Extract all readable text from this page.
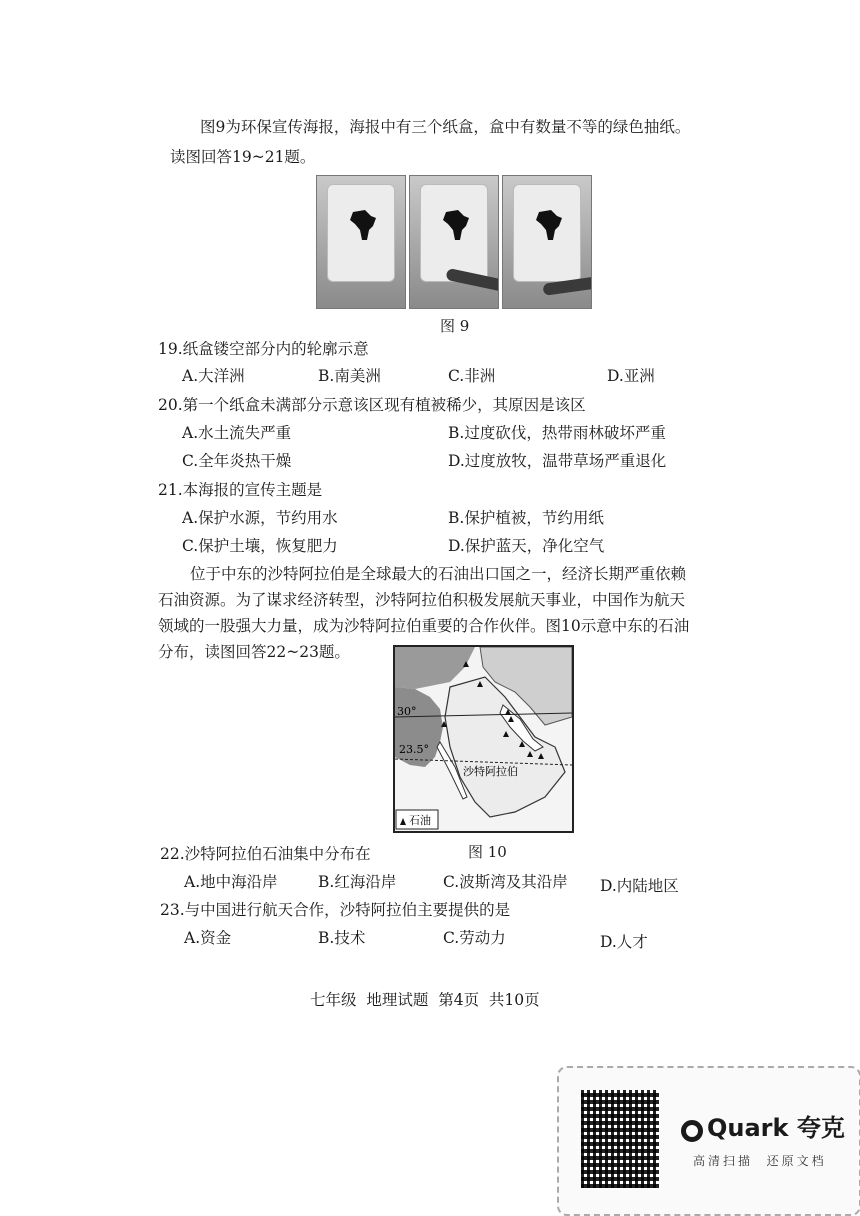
图9为环保宣传海报，海报中有三个纸盒，盒中有数量不等的绿色抽纸。
读图回答19~21题。
图 9
19.纸盒镂空部分内的轮廓示意
A.大洋洲	B.南美洲	C.非洲	D.亚洲
20.第一个纸盒未满部分示意该区现有植被稀少，其原因是该区
A.水土流失严重	B.过度砍伐，热带雨林破坏严重
C.全年炎热干燥	D.过度放牧，温带草场严重退化
21.本海报的宣传主题是
A.保护水源，节约用水	B.保护植被，节约用纸
C.保护土壤，恢复肥力	D.保护蓝天，净化空气
位于中东的沙特阿拉伯是全球最大的石油出口国之一，经济长期严重依赖
石油资源。为了谋求经济转型，沙特阿拉伯积极发展航天事业，中国作为航天
领域的一股强大力量，成为沙特阿拉伯重要的合作伙伴。图10示意中东的石油
分布，读图回答22~23题。
30°
23.5°
沙特阿拉伯
石油
图 10
22.沙特阿拉伯石油集中分布在
A.地中海沿岸	B.红海沿岸	C.波斯湾及其沿岸 D.内陆地区
23.与中国进行航天合作，沙特阿拉伯主要提供的是
A.资金	B.技术	C.劳动力	D.人才
七年级  地理试题  第4页  共10页
Quark 夸克
高清扫描  还原文档
